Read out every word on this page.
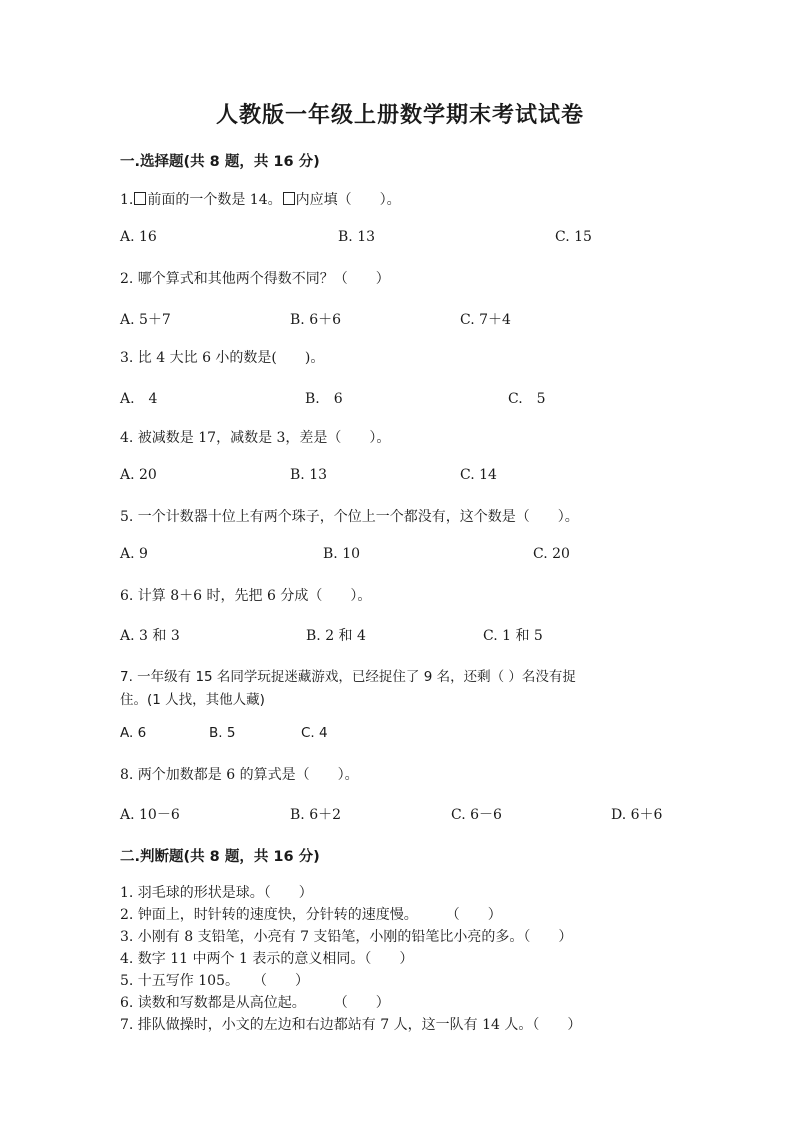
人教版一年级上册数学期末考试试卷
一.选择题(共 8 题，共 16 分)
1. 前面的一个数是 14。 内应填（　　）。
A. 16	B. 13	C. 15
2. 哪个算式和其他两个得数不同？（　　）
A. 5＋7	B. 6＋6	C. 7＋4
3. 比 4 大比 6 小的数是(　　)。
A.　4	B.　6	C.　5
4. 被减数是 17，减数是 3，差是（　　）。
A. 20	B. 13	C. 14
5. 一个计数器十位上有两个珠子，个位上一个都没有，这个数是（　　）。
A. 9	B. 10	C. 20
6. 计算 8＋6 时，先把 6 分成（　　）。
A. 3 和 3	B. 2 和 4	C. 1 和 5
7. 一年级有 15 名同学玩捉迷藏游戏，已经捉住了 9 名，还剩（ ）名没有捉
住。(1 人找，其他人藏)
A. 6	B. 5	C. 4
8. 两个加数都是 6 的算式是（　　）。
A. 10－6	B. 6＋2	C. 6－6	D. 6＋6
二.判断题(共 8 题，共 16 分)
1. 羽毛球的形状是球。（　　）
2. 钟面上，时针转的速度快，分针转的速度慢。　　　（　　）
3. 小刚有 8 支铅笔，小亮有 7 支铅笔，小刚的铅笔比小亮的多。（　　）
4. 数字 11 中两个 1 表示的意义相同。（　　）
5. 十五写作 105。　　（　　）
6. 读数和写数都是从高位起。　　　（　　）
7. 排队做操时，小文的左边和右边都站有 7 人，这一队有 14 人。（　　）
